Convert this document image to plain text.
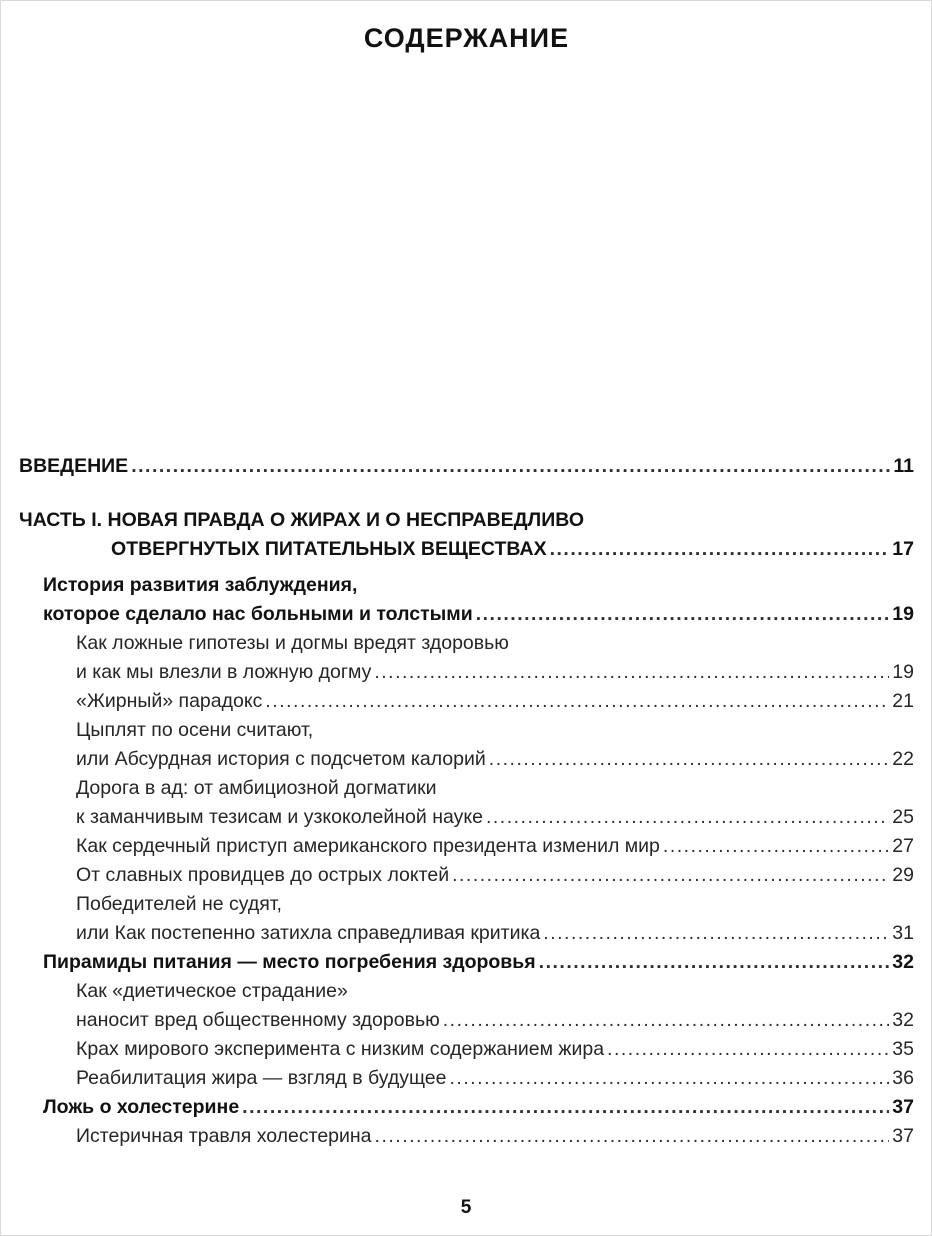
СОДЕРЖАНИЕ
ВВЕДЕНИЕ .....	11
ЧАСТЬ I. НОВАЯ ПРАВДА О ЖИРАХ И О НЕСПРАВЕДЛИВО
ОТВЕРГНУТЫХ ПИТАТЕЛЬНЫХ ВЕЩЕСТВАХ .....	17
История развития заблуждения,
которое сделало нас больными и толстыми .....	19
Как ложные гипотезы и догмы вредят здоровью
и как мы влезли в ложную догму .....	19
«Жирный» парадокс .....	21
Цыплят по осени считают,
или Абсурдная история с подсчетом калорий .....	22
Дорога в ад: от амбициозной догматики
к заманчивым тезисам и узкоколейной науке .....	25
Как сердечный приступ американского президента изменил мир .....	27
От славных провидцев до острых локтей .....	29
Победителей не судят,
или Как постепенно затихла справедливая критика .....	31
Пирамиды питания — место погребения здоровья .....	32
Как «диетическое страдание»
наносит вред общественному здоровью .....	32
Крах мирового эксперимента с низким содержанием жира .....	35
Реабилитация жира — взгляд в будущее .....	36
Ложь о холестерине .....	37
Истеричная травля холестерина .....	37
5
